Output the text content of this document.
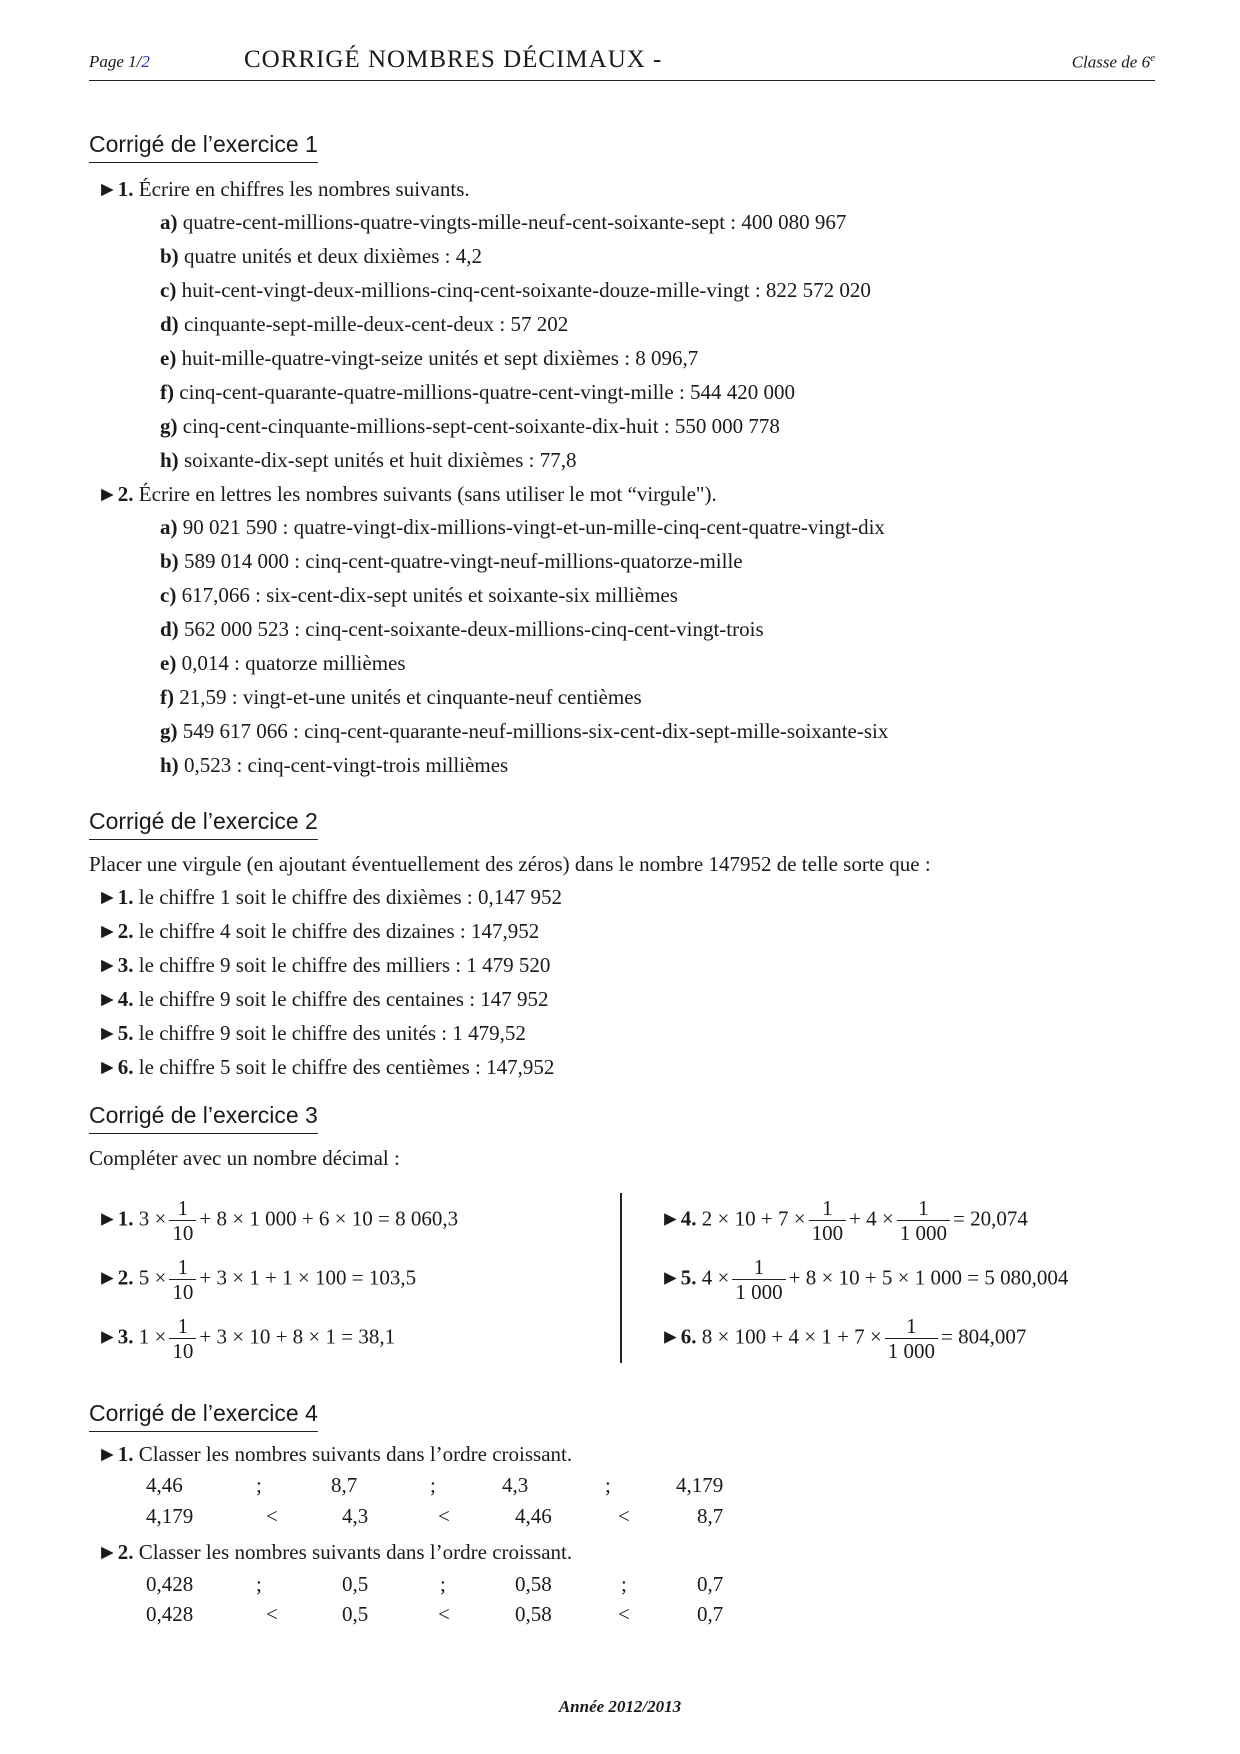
Page 1/2	CORRIGÉ NOMBRES DÉCIMAUX -	Classe de 6e
Corrigé de l’exercice 1
►1. Écrire en chiffres les nombres suivants.
a) quatre-cent-millions-quatre-vingts-mille-neuf-cent-soixante-sept : 400 080 967
b) quatre unités et deux dixièmes : 4,2
c) huit-cent-vingt-deux-millions-cinq-cent-soixante-douze-mille-vingt : 822 572 020
d) cinquante-sept-mille-deux-cent-deux : 57 202
e) huit-mille-quatre-vingt-seize unités et sept dixièmes : 8 096,7
f) cinq-cent-quarante-quatre-millions-quatre-cent-vingt-mille : 544 420 000
g) cinq-cent-cinquante-millions-sept-cent-soixante-dix-huit : 550 000 778
h) soixante-dix-sept unités et huit dixièmes : 77,8
►2. Écrire en lettres les nombres suivants (sans utiliser le mot “virgule").
a) 90 021 590 : quatre-vingt-dix-millions-vingt-et-un-mille-cinq-cent-quatre-vingt-dix
b) 589 014 000 : cinq-cent-quatre-vingt-neuf-millions-quatorze-mille
c) 617,066 : six-cent-dix-sept unités et soixante-six millièmes
d) 562 000 523 : cinq-cent-soixante-deux-millions-cinq-cent-vingt-trois
e) 0,014 : quatorze millièmes
f) 21,59 : vingt-et-une unités et cinquante-neuf centièmes
g) 549 617 066 : cinq-cent-quarante-neuf-millions-six-cent-dix-sept-mille-soixante-six
h) 0,523 : cinq-cent-vingt-trois millièmes
Corrigé de l’exercice 2
Placer une virgule (en ajoutant éventuellement des zéros) dans le nombre 147952 de telle sorte que :
►1. le chiffre 1 soit le chiffre des dixièmes : 0,147 952
►2. le chiffre 4 soit le chiffre des dizaines : 147,952
►3. le chiffre 9 soit le chiffre des milliers : 1 479 520
►4. le chiffre 9 soit le chiffre des centaines : 147 952
►5. le chiffre 9 soit le chiffre des unités : 1 479,52
►6. le chiffre 5 soit le chiffre des centièmes : 147,952
Corrigé de l’exercice 3
Compléter avec un nombre décimal :
►1. $3 \times \frac{1}{10} + 8 \times 1$ 000 + 6 × 10 = 8 060,3
►2. $5 \times \frac{1}{10} + 3 \times 1 + 1 \times 100 = 103,5$
►3. $1 \times \frac{1}{10} + 3 \times 10 + 8 \times 1 = 38,1$
►4. $2 \times 10 + 7 \times \frac{1}{100} + 4 \times \frac{1}{1 000} = 20,074$
►5. $4 \times \frac{1}{1 000} + 8 \times 10 + 5 \times 1$ 000 = 5 080,004
►6. $8 \times 100 + 4 \times 1 + 7 \times \frac{1}{1 000} = 804,007$
Corrigé de l’exercice 4
►1. Classer les nombres suivants dans l’ordre croissant.
4,46	;	8,7	;	4,3	;	4,179
4,179	<	4,3	<	4,46	<	8,7
►2. Classer les nombres suivants dans l’ordre croissant.
0,428	;	0,5	;	0,58	;	0,7
0,428	<	0,5	<	0,58	<	0,7
Année 2012/2013
